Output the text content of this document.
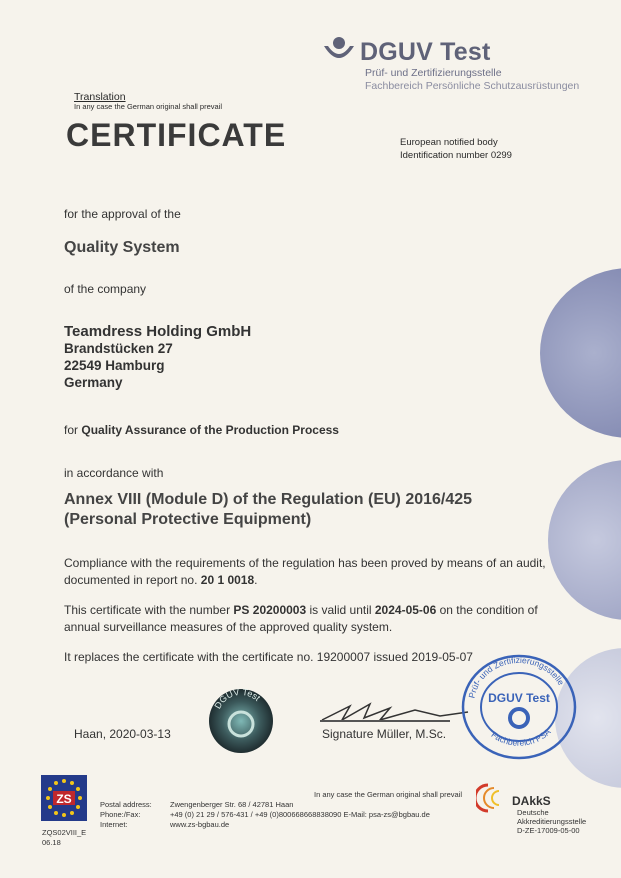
DGUV Test
Prüf- und Zertifizierungsstelle
Fachbereich Persönliche Schutzausrüstungen
Translation
In any case the German original shall prevail
CERTIFICATE	European notified body
Identification number 0299
for the approval of the
Quality System
of the company
Teamdress Holding GmbH
Brandstücken 27
22549 Hamburg
Germany
for Quality Assurance of the Production Process
in accordance with
Annex VIII (Module D) of the Regulation (EU) 2016/425
(Personal Protective Equipment)
Compliance with the requirements of the regulation has been proved by means of an audit,
documented in report no. 20 1 0018.
This certificate with the number PS 20200003 is valid until 2024-05-06 on the condition of
annual surveillance measures of the approved quality system.
It replaces the certificate with the certificate no. 19200007 issued 2019-05-07
Haan, 2020-03-13
DGUV Test
Signature Müller, M.Sc.
Prüf- und Zertifizierungsstelle
Fachbereich PSA
DGUV Test
ZS
ZQS02VIII_E
06.18
Postal address:
Phone:/Fax:
Internet:
In any case the German original shall prevail
Zwengenberger Str. 68 / 42781 Haan
+49 (0) 21 29 / 576-431 / +49 (0)800668668838090 E-Mail: psa-zs@bgbau.de
www.zs-bgbau.de
DAkkS
Deutsche
Akkreditierungsstelle
D-ZE-17009-05-00
